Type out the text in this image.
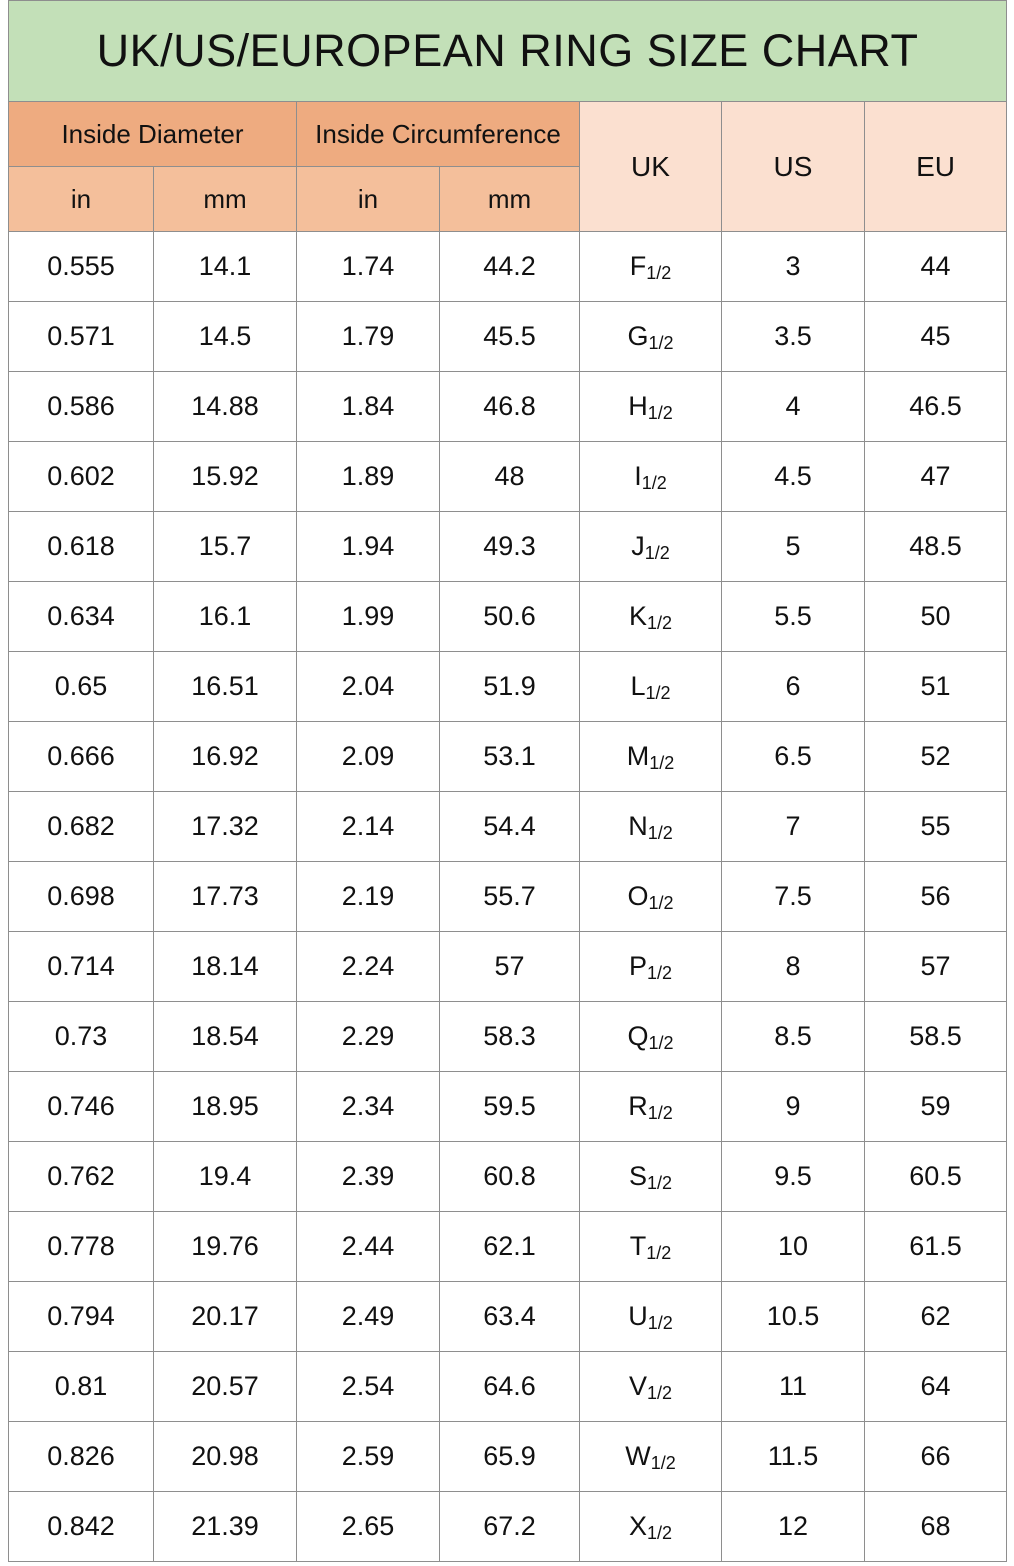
UK/US/EUROPEAN RING SIZE CHART						
Inside Diameter		Inside Circumference		UK	US	EU
in	mm	in	mm			
0.555	14.1	1.74	44.2	F1/2	3	44
0.571	14.5	1.79	45.5	G1/2	3.5	45
0.586	14.88	1.84	46.8	H1/2	4	46.5
0.602	15.92	1.89	48	I1/2	4.5	47
0.618	15.7	1.94	49.3	J1/2	5	48.5
0.634	16.1	1.99	50.6	K1/2	5.5	50
0.65	16.51	2.04	51.9	L1/2	6	51
0.666	16.92	2.09	53.1	M1/2	6.5	52
0.682	17.32	2.14	54.4	N1/2	7	55
0.698	17.73	2.19	55.7	O1/2	7.5	56
0.714	18.14	2.24	57	P1/2	8	57
0.73	18.54	2.29	58.3	Q1/2	8.5	58.5
0.746	18.95	2.34	59.5	R1/2	9	59
0.762	19.4	2.39	60.8	S1/2	9.5	60.5
0.778	19.76	2.44	62.1	T1/2	10	61.5
0.794	20.17	2.49	63.4	U1/2	10.5	62
0.81	20.57	2.54	64.6	V1/2	11	64
0.826	20.98	2.59	65.9	W1/2	11.5	66
0.842	21.39	2.65	67.2	X1/2	12	68
